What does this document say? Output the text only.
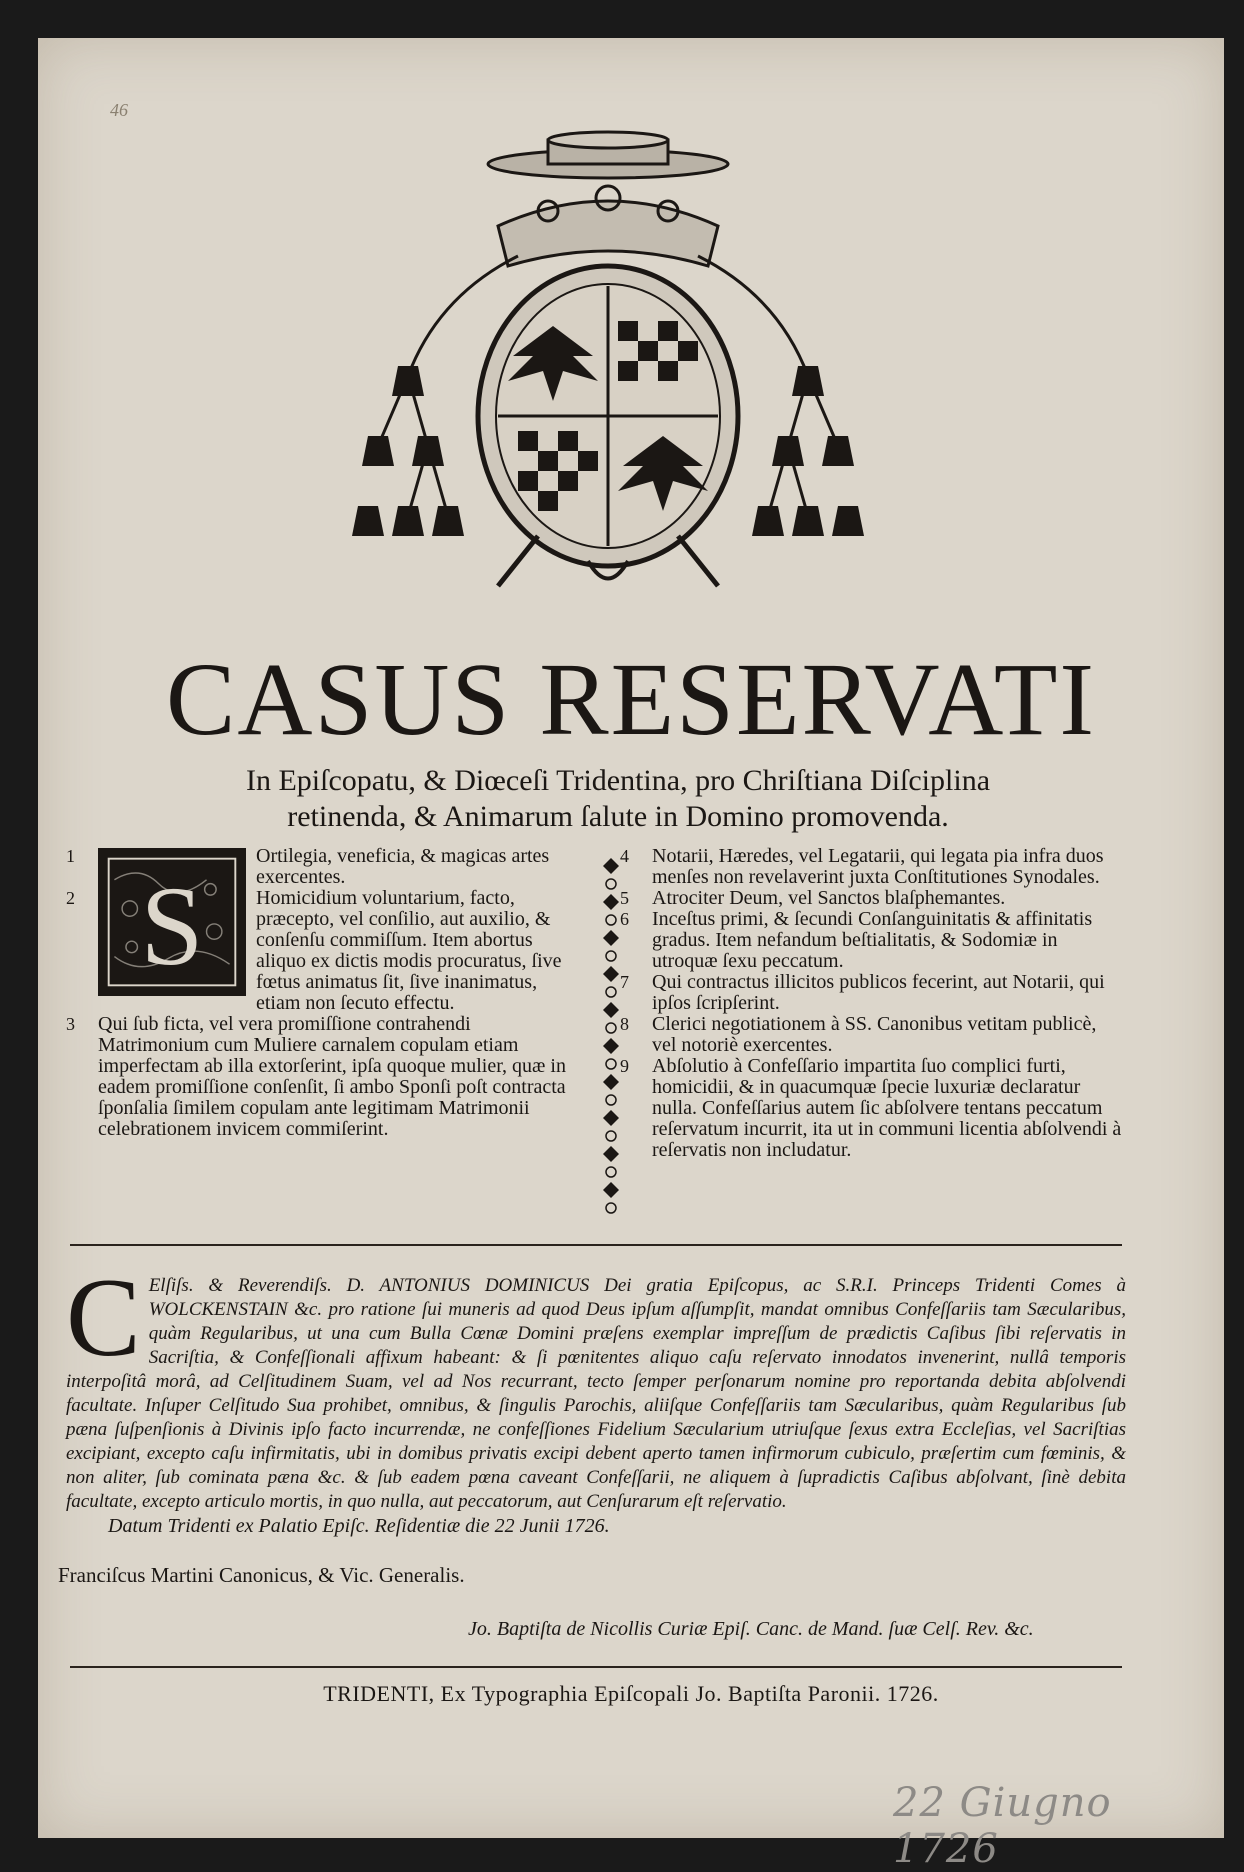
46
CASUS RESERVATI
In Epiſcopatu, & Diœceſi Tridentina, pro Chriſtiana Diſciplina
retinenda, & Animarum ſalute in Domino promovenda.
1
S
Ortilegia, veneficia, & magicas artes exercentes.
2	Homicidium voluntarium, facto, præcepto, vel conſilio, aut auxilio, & conſenſu commiſſum. Item abortus aliquo ex dictis modis procuratus, ſive fœtus animatus ſit, ſive inanimatus, etiam non ſecuto effectu.
3 Qui ſub ficta, vel vera promiſſione contrahendi Matrimonium cum Muliere carnalem copulam etiam imperfectam ab illa extorſerint, ipſa quoque mulier, quæ in eadem promiſſione conſenſit, ſi ambo Sponſi poſt contracta ſponſalia ſimilem copulam ante legitimam Matrimonii celebrationem invicem commiſerint.
4 Notarii, Hæredes, vel Legatarii, qui legata pia infra duos menſes non revelaverint juxta Conſtitutiones Synodales.
5 Atrociter Deum, vel Sanctos blaſphemantes.
6 Inceſtus primi, & ſecundi Conſanguinitatis & affinitatis gradus. Item nefandum beſtialitatis, & Sodomiæ in utroquæ ſexu peccatum.
7 Qui contractus illicitos publicos fecerint, aut Notarii, qui ipſos ſcripſerint.
8 Clerici negotiationem à SS. Canonibus vetitam publicè, vel notoriè exercentes.
9 Abſolutio à Confeſſario impartita ſuo complici furti, homicidii, & in quacumquæ ſpecie luxuriæ declaratur nulla. Confeſſarius autem ſic abſolvere tentans peccatum reſervatum incurrit, ita ut in communi licentia abſolvendi à reſervatis non includatur.
C Elſiſs. & Reverendiſs. D. ANTONIUS DOMINICUS Dei gratia Epiſcopus, ac S.R.I. Princeps Tridenti Comes à WOLCKENSTAIN &c. pro ratione ſui muneris ad quod Deus ipſum aſſumpſit, mandat omnibus Confeſſariis tam Sæcularibus, quàm Regularibus, ut una cum Bulla Cœnæ Domini præſens exemplar impreſſum de prædictis Caſibus ſibi reſervatis in Sacriſtia, & Confeſſionali affixum habeant: & ſi pœnitentes aliquo caſu reſervato innodatos invenerint, nullâ temporis interpoſitâ morâ, ad Celſitudinem Suam, vel ad Nos recurrant, tecto ſemper perſonarum nomine pro reportanda debita abſolvendi facultate. Inſuper Celſitudo Sua prohibet, omnibus, & ſingulis Parochis, aliiſque Confeſſariis tam Sæcularibus, quàm Regularibus ſub pæna ſuſpenſionis à Divinis ipſo facto incurrendæ, ne confeſſiones Fidelium Sæcularium utriuſque ſexus extra Eccleſias, vel Sacriſtias excipiant, excepto caſu infirmitatis, ubi in domibus privatis excipi debent aperto tamen infirmorum cubiculo, præſertim cum fœminis, & non aliter, ſub cominata pæna &c. & ſub eadem pœna caveant Confeſſarii, ne aliquem à ſupradictis Caſibus abſolvant, ſinè debita facultate, excepto articulo mortis, in quo nulla, aut peccatorum, aut Cenſurarum eſt reſervatio.
Datum Tridenti ex Palatio Epiſc. Reſidentiæ die 22 Junii 1726.
Franciſcus Martini Canonicus, & Vic. Generalis.
Jo. Baptiſta de Nicollis Curiæ Epiſ. Canc. de Mand. ſuæ Celſ. Rev. &c.
TRIDENTI, Ex Typographia Epiſcopali Jo. Baptiſta Paronii. 1726.
22 Giugno 1726
